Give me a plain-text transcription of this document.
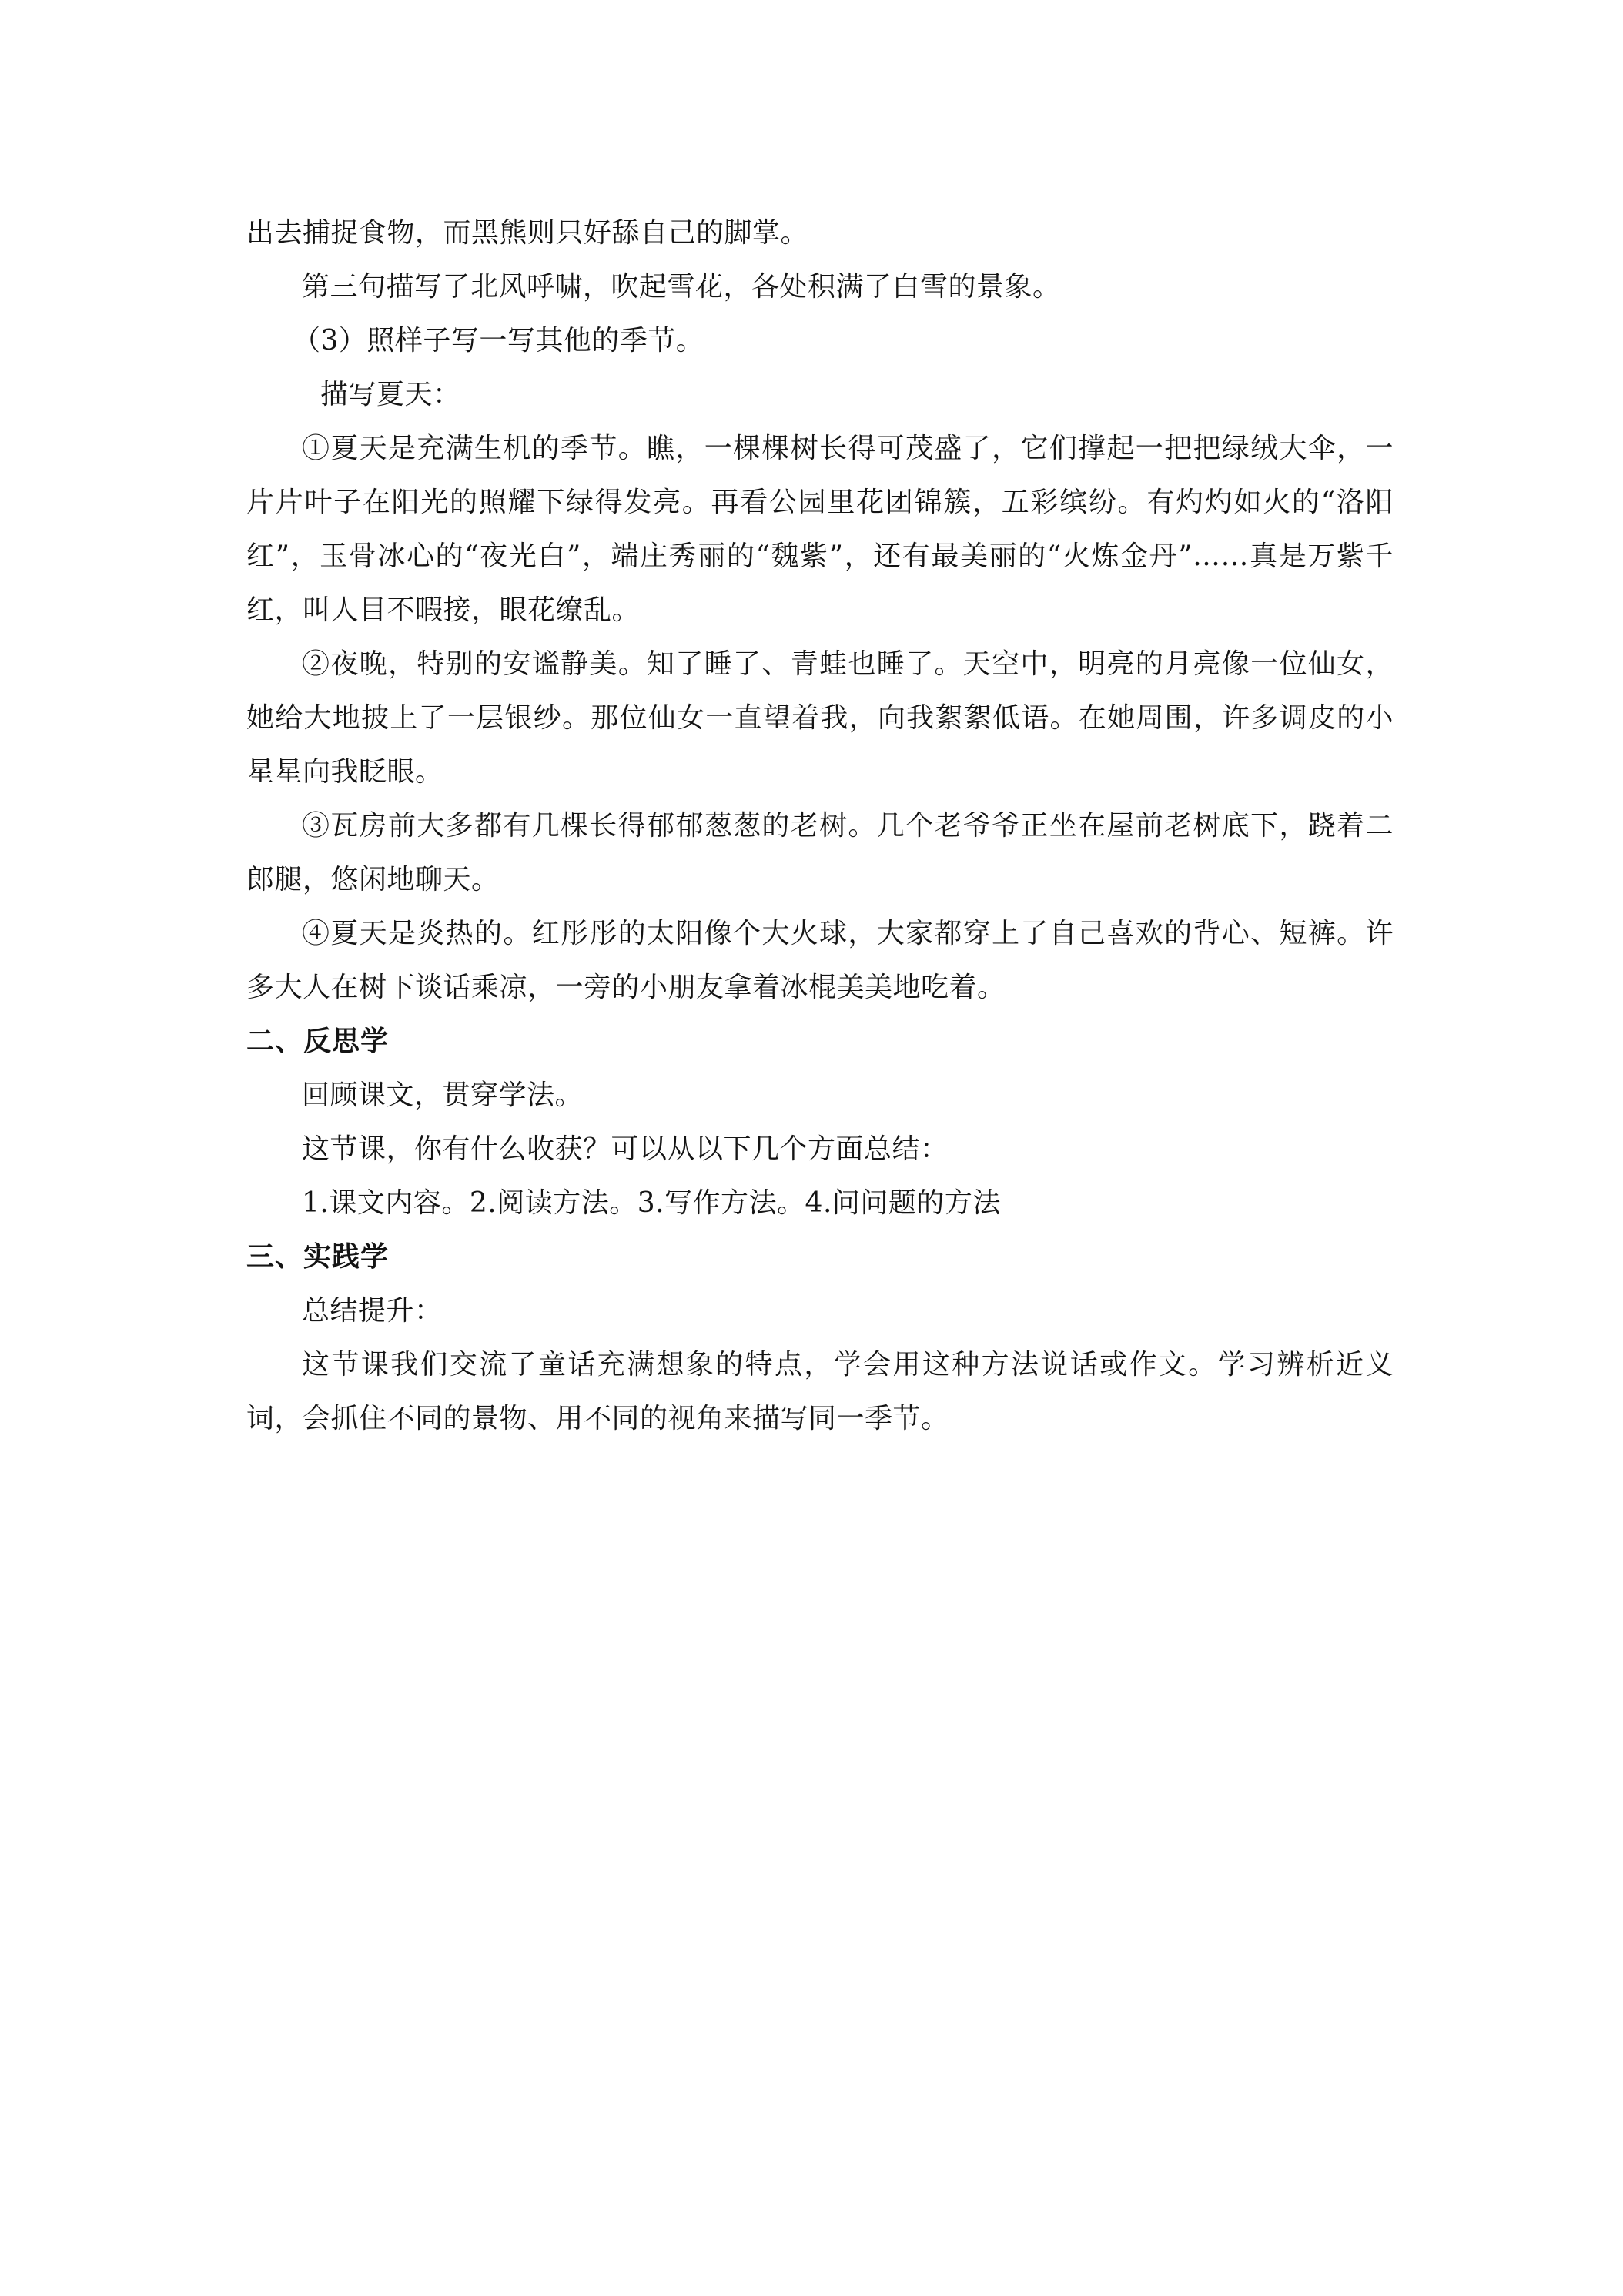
出去捕捉食物，而黑熊则只好舔自己的脚掌。

第三句描写了北风呼啸，吹起雪花，各处积满了白雪的景象。

（3）照样子写一写其他的季节。

描写夏天：

①夏天是充满生机的季节。瞧，一棵棵树长得可茂盛了，它们撑起一把把绿绒大伞，一片片叶子在阳光的照耀下绿得发亮。再看公园里花团锦簇，五彩缤纷。有灼灼如火的“洛阳红”，玉骨冰心的“夜光白”，端庄秀丽的“魏紫”，还有最美丽的“火炼金丹”……真是万紫千红，叫人目不暇接，眼花缭乱。

②夜晚，特别的安谧静美。知了睡了、青蛙也睡了。天空中，明亮的月亮像一位仙女，她给大地披上了一层银纱。那位仙女一直望着我，向我絮絮低语。在她周围，许多调皮的小星星向我眨眼。

③瓦房前大多都有几棵长得郁郁葱葱的老树。几个老爷爷正坐在屋前老树底下，跷着二郎腿，悠闲地聊天。

④夏天是炎热的。红彤彤的太阳像个大火球，大家都穿上了自己喜欢的背心、短裤。许多大人在树下谈话乘凉，一旁的小朋友拿着冰棍美美地吃着。

二、反思学

回顾课文，贯穿学法。

这节课，你有什么收获？可以从以下几个方面总结：

1.课文内容。2.阅读方法。3.写作方法。4.问问题的方法

三、实践学

总结提升：

这节课我们交流了童话充满想象的特点，学会用这种方法说话或作文。学习辨析近义词，会抓住不同的景物、用不同的视角来描写同一季节。
